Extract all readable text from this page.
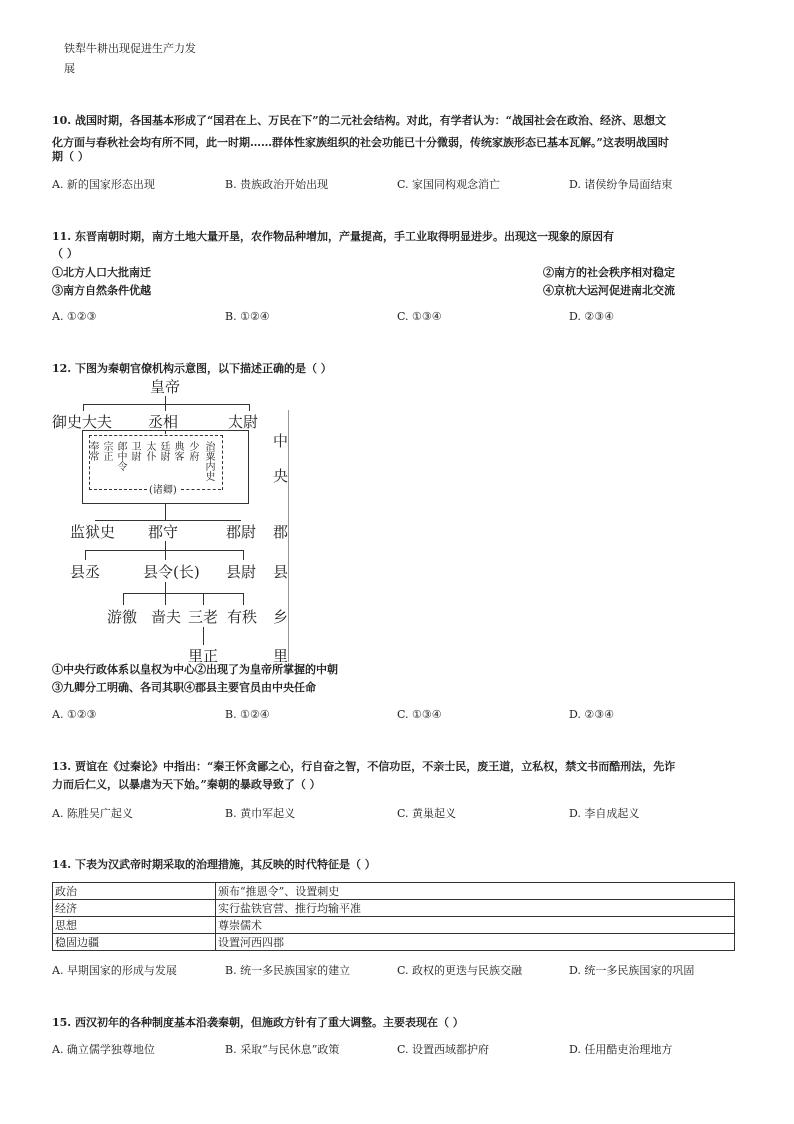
铁犁牛耕出现促进生产力发
展
10. 战国时期，各国基本形成了“国君在上、万民在下”的二元社会结构。对此，有学者认为：“战国社会在政治、经济、思想文
化方面与春秋社会均有所不同，此一时期……群体性家族组织的社会功能已十分微弱，传统家族形态已基本瓦解。”这表明战国时
期（ ）
A. 新的国家形态出现	B. 贵族政治开始出现	C. 家国同构观念消亡	D. 诸侯纷争局面结束
11. 东晋南朝时期，南方土地大量开垦，农作物品种增加，产量提高，手工业取得明显进步。出现这一现象的原因有
（ ）
①北方人口大批南迁	②南方的社会秩序相对稳定
③南方自然条件优越	④京杭大运河促进南北交流
A. ①②③	B. ①②④	C. ①③④	D. ②③④
12. 下图为秦朝官僚机构示意图，以下描述正确的是（ ）
皇帝
御史大夫 丞相	太尉
奉常 宗正 郎中令 卫尉 太仆 廷尉 典客 少府 治粟内史
(诸卿)
监狱史 郡守	郡尉
县丞	县令(长) 县尉
游徼 啬夫 三老 有秩
里正
中
央
郡
县
乡
里
①中央行政体系以皇权为中心②出现了为皇帝所掌握的中朝
③九卿分工明确、各司其职④郡县主要官员由中央任命
A. ①②③	B. ①②④	C. ①③④	D. ②③④
13. 贾谊在《过秦论》中指出：“秦王怀贪鄙之心，行自奋之智，不信功臣，不亲士民，废王道，立私权，禁文书而酷刑法，先诈
力而后仁义，以暴虐为天下始。”秦朝的暴政导致了（ ）
A. 陈胜吴广起义	B. 黄巾军起义	C. 黄巢起义	D. 李自成起义
14. 下表为汉武帝时期采取的治理措施，其反映的时代特征是（ ）
政治	颁布“推恩令”、设置刺史
经济	实行盐铁官营、推行均输平准
思想	尊崇儒术
稳固边疆	设置河西四郡
A. 早期国家的形成与发展	B. 统一多民族国家的建立	C. 政权的更迭与民族交融	D. 统一多民族国家的巩固
15. 西汉初年的各种制度基本沿袭秦朝，但施政方针有了重大调整。主要表现在（ ）
A. 确立儒学独尊地位	B. 采取“与民休息”政策	C. 设置西域都护府	D. 任用酷吏治理地方
